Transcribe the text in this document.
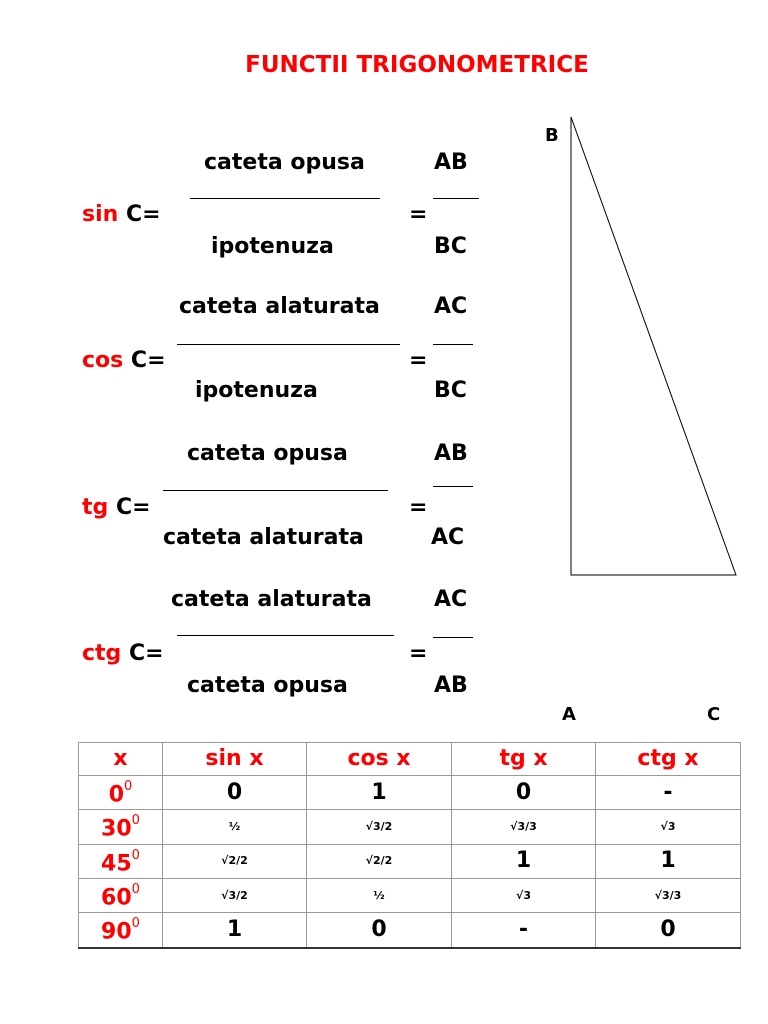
FUNCTII TRIGONOMETRICE
cateta opusa
sin C=	=
ipotenuza
AB
BC
cateta alaturata
cos C=	=
ipotenuza
AC
BC
cateta opusa
tg C=	=
cateta alaturata
AB
AC
cateta alaturata
ctg C=	=
cateta opusa
AC
AB
B
A	C
x	sin x	cos x	tg x	ctg x
$0^0$	0	1	0	-
$30^0$	½	√3/2	√3/3	√3
$45^0$	√2/2	√2/2	1	1
$60^0$	√3/2	½	√3	√3/3
$90^0$	1	0	-	0
